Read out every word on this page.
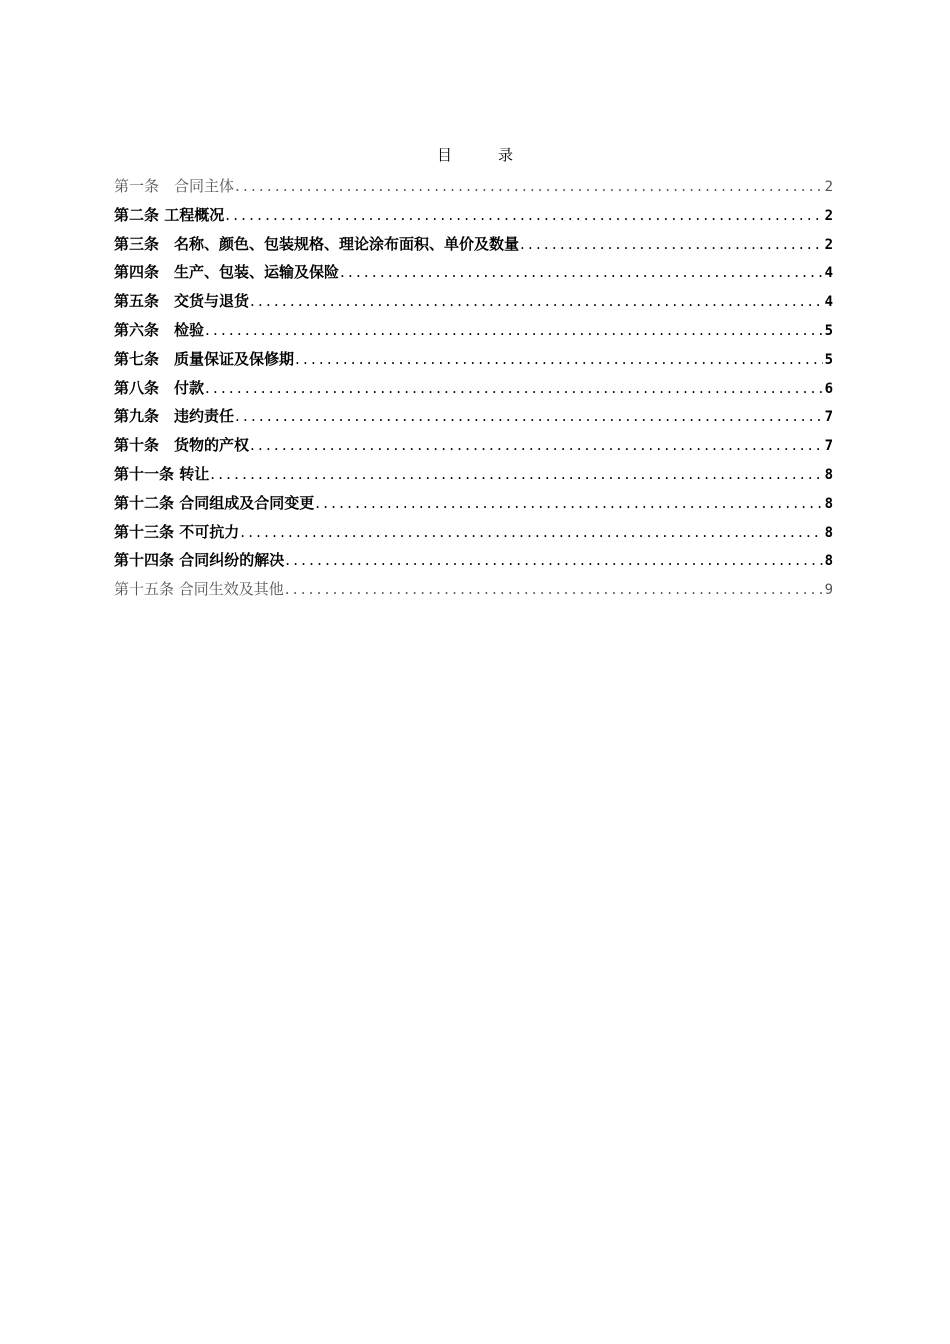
目	录
第一条　合同主体 .....	2
第二条 工程概况 .....	2
第三条　名称、颜色、包装规格、理论涂布面积、单价及数量 .....	2
第四条　生产、包装、运输及保险 .....	4
第五条　交货与退货 .....	4
第六条　检验 .....	5
第七条　质量保证及保修期 .....	5
第八条　付款 .....	6
第九条　违约责任 .....	7
第十条　货物的产权 .....	7
第十一条 转让 .....	8
第十二条 合同组成及合同变更 .....	8
第十三条 不可抗力 .....	8
第十四条 合同纠纷的解决 .....	8
第十五条 合同生效及其他 .....	9
